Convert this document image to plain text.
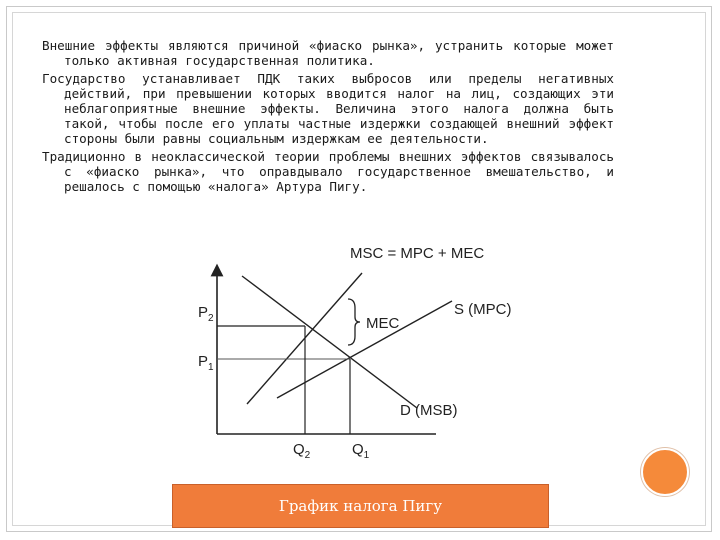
Внешние эффекты являются причиной «фиаско рынка», устранить которые может только активная государственная политика.

Государство устанавливает ПДК таких выбросов или пределы негативных действий, при превышении которых вводится налог на лиц, создающих эти неблагоприятные внешние эффекты. Величина этого налога должна быть такой, чтобы после его уплаты частные издержки создающей внешний эффект стороны были равны социальным издержкам ее деятельности.

Традиционно в неоклассической теории проблемы внешних эффектов связывалось с «фиаско рынка», что оправдывало государственное вмешательство, и решалось с помощью «налога» Артура Пигу.

MSC = MPC + MEC
MEC
S (MPC)
D (MSB)
$P_2$
$P_1$
$Q_2$	$Q_1$
График налога Пигу
